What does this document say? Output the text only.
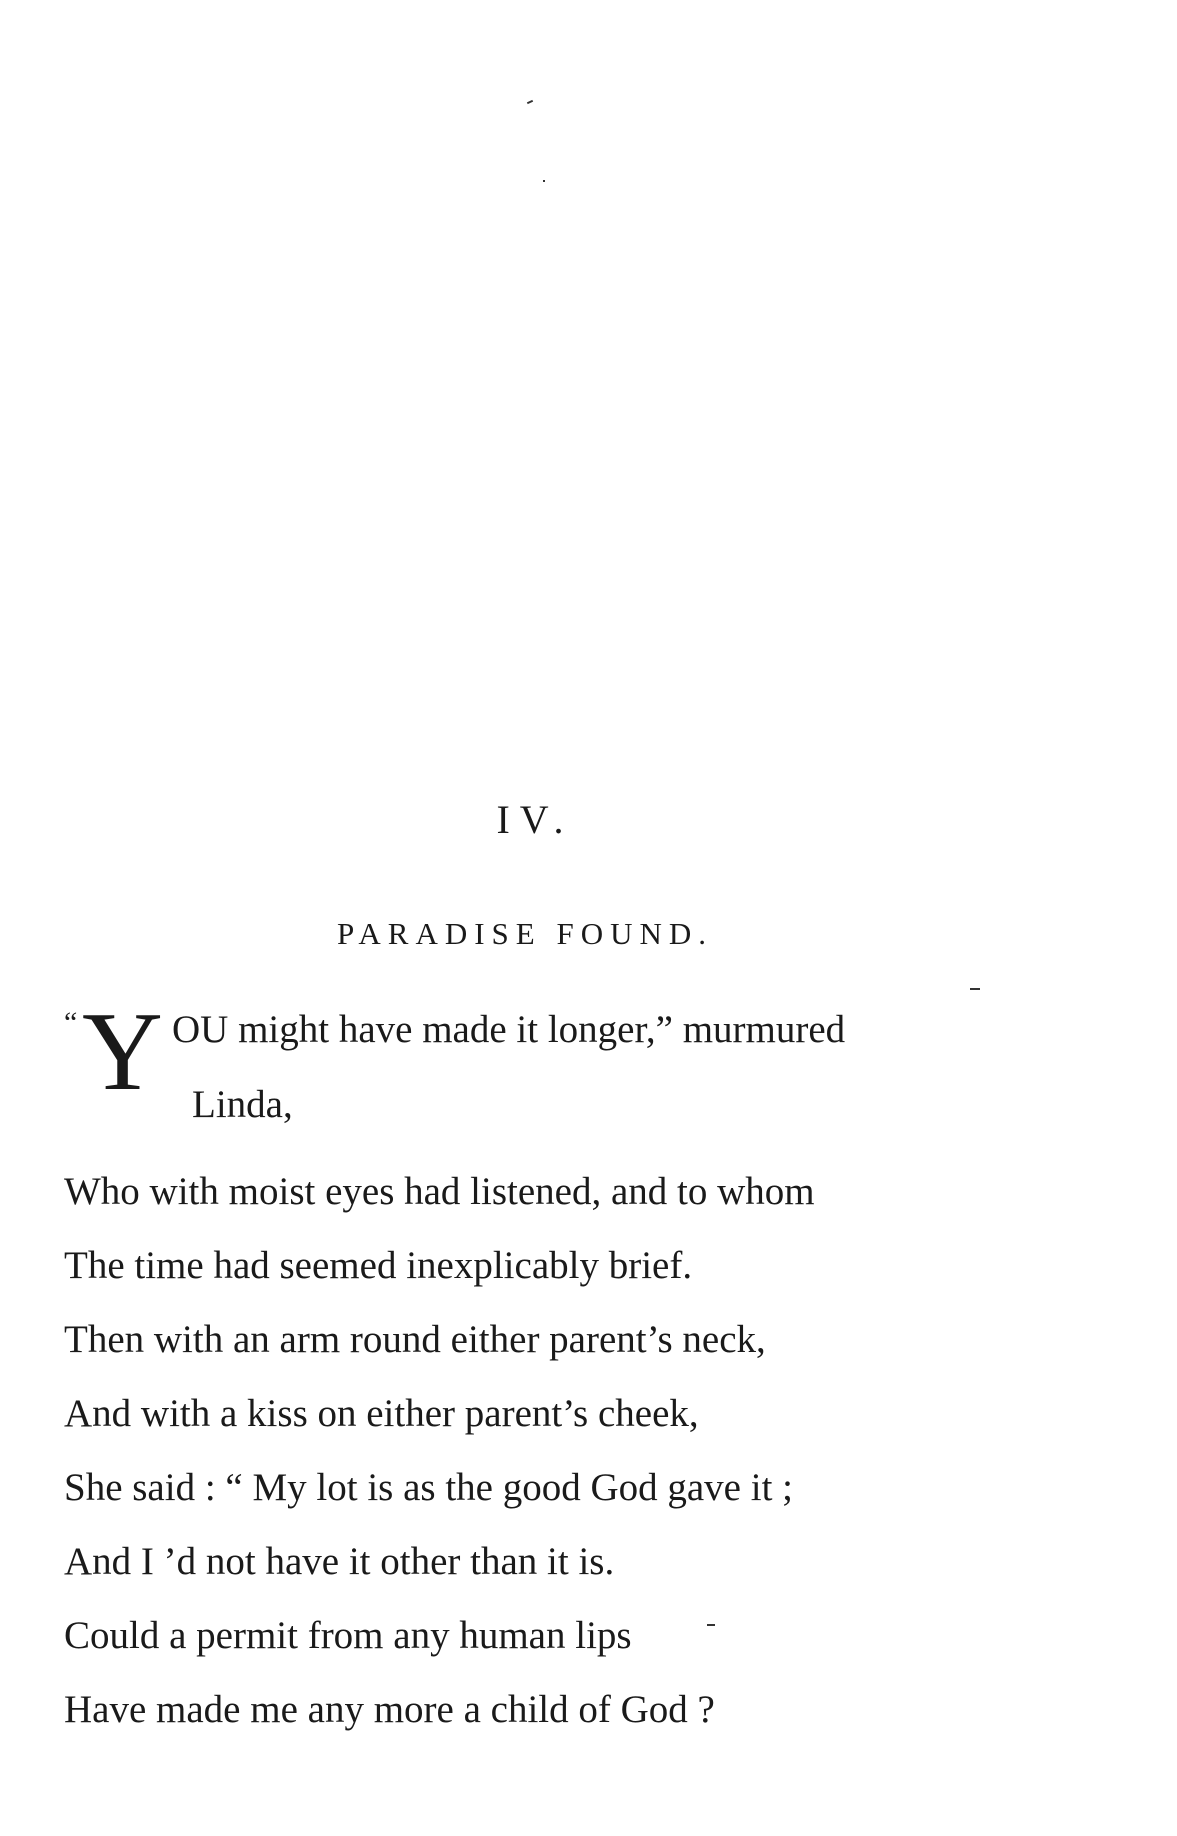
IV.
PARADISE FOUND.
“ Y OU might have made it longer,” murmured
Linda,
Who with moist eyes had listened, and to whom
The time had seemed inexplicably brief.
Then with an arm round either parent’s neck,
And with a kiss on either parent’s cheek,
She said : “ My lot is as the good God gave it ;
And I ’d not have it other than it is.
Could a permit from any human lips
Have made me any more a child of God ?
